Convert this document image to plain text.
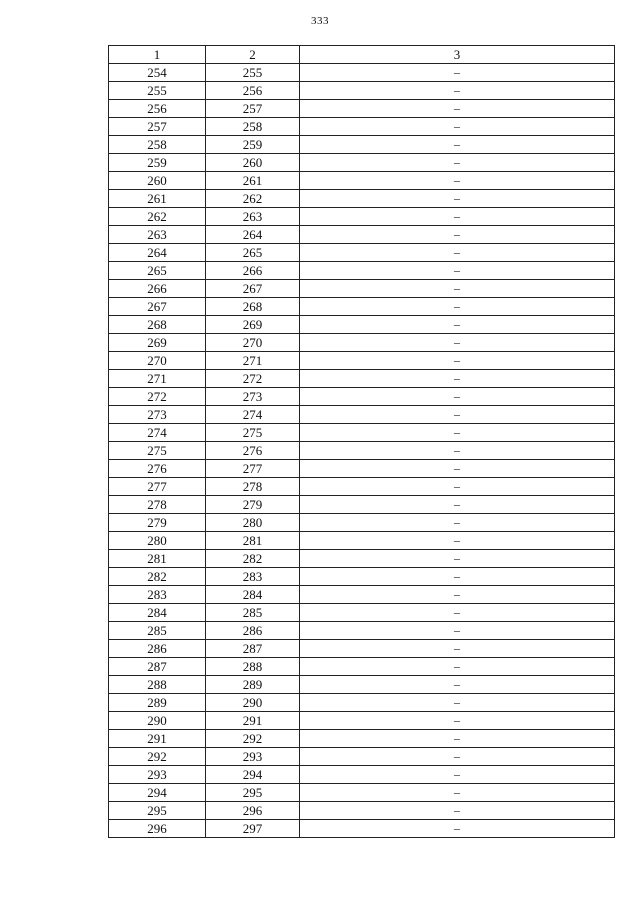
333
1	2	3
254	255	–
255	256	–
256	257	–
257	258	–
258	259	–
259	260	–
260	261	–
261	262	–
262	263	–
263	264	–
264	265	–
265	266	–
266	267	–
267	268	–
268	269	–
269	270	–
270	271	–
271	272	–
272	273	–
273	274	–
274	275	–
275	276	–
276	277	–
277	278	–
278	279	–
279	280	–
280	281	–
281	282	–
282	283	–
283	284	–
284	285	–
285	286	–
286	287	–
287	288	–
288	289	–
289	290	–
290	291	–
291	292	–
292	293	–
293	294	–
294	295	–
295	296	–
296	297	–
